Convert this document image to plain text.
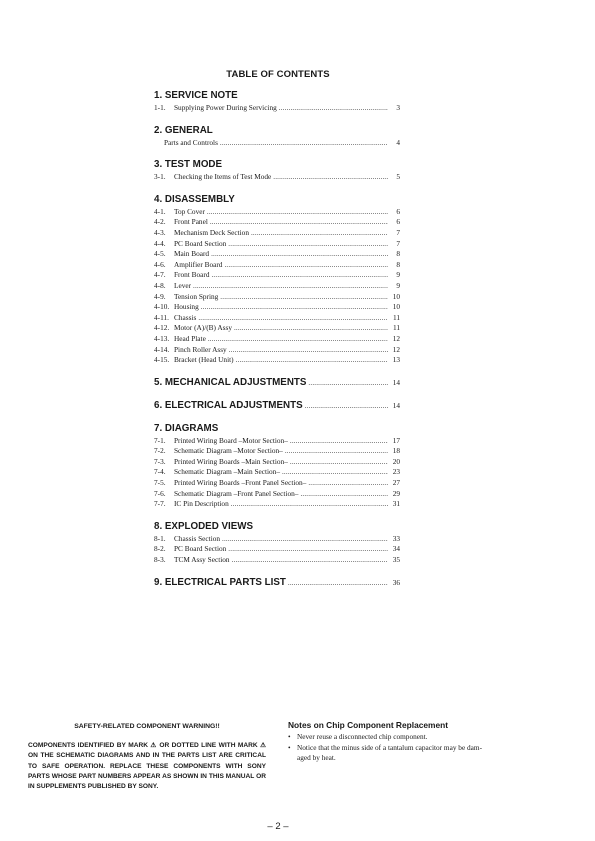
TABLE OF CONTENTS
1. SERVICE NOTE
1-1.	Supplying Power During Servicing .....	3
2. GENERAL
Parts and Controls .....	4
3. TEST MODE
3-1.	Checking the Items of Test Mode .....	5
4. DISASSEMBLY
4-1.	Top Cover .....	6
4-2.	Front Panel .....	6
4-3.	Mechanism Deck Section .....	7
4-4.	PC Board Section .....	7
4-5.	Main Board .....	8
4-6.	Amplifier Board .....	8
4-7.	Front Board .....	9
4-8.	Lever .....	9
4-9.	Tension Spring .....	10
4-10. Housing .....	10
4-11. Chassis .....	11
4-12. Motor (A)/(B) Assy .....	11
4-13. Head Plate .....	12
4-14. Pinch Roller Assy .....	12
4-15. Bracket (Head Unit) .....	13
5. MECHANICAL ADJUSTMENTS .....	14
6. ELECTRICAL ADJUSTMENTS .....	14
7. DIAGRAMS
7-1.	Printed Wiring Board –Motor Section– .....	17
7-2.	Schematic Diagram –Motor Section– .....	18
7-3.	Printed Wiring Boards –Main Section– .....	20
7-4.	Schematic Diagram –Main Section– .....	23
7-5.	Printed Wiring Boards –Front Panel Section– .....	27
7-6.	Schematic Diagram –Front Panel Section– .....	29
7-7.	IC Pin Description .....	31
8. EXPLODED VIEWS
8-1.	Chassis Section .....	33
8-2.	PC Board Section .....	34
8-3.	TCM Assy Section .....	35
9. ELECTRICAL PARTS LIST .....	36
SAFETY-RELATED COMPONENT WARNING!!
COMPONENTS IDENTIFIED BY MARK ⚠ OR DOTTED LINE WITH MARK ⚠ ON THE SCHEMATIC DIAGRAMS AND IN THE PARTS LIST ARE CRITICAL TO SAFE OPERATION. REPLACE THESE COMPONENTS WITH SONY PARTS WHOSE PART NUMBERS APPEAR AS SHOWN IN THIS MANUAL OR IN SUPPLEMENTS PUBLISHED BY SONY.
Notes on Chip Component Replacement
• Never reuse a disconnected chip component.
• Notice that the minus side of a tantalum capacitor may be dam-
aged by heat.
– 2 –
